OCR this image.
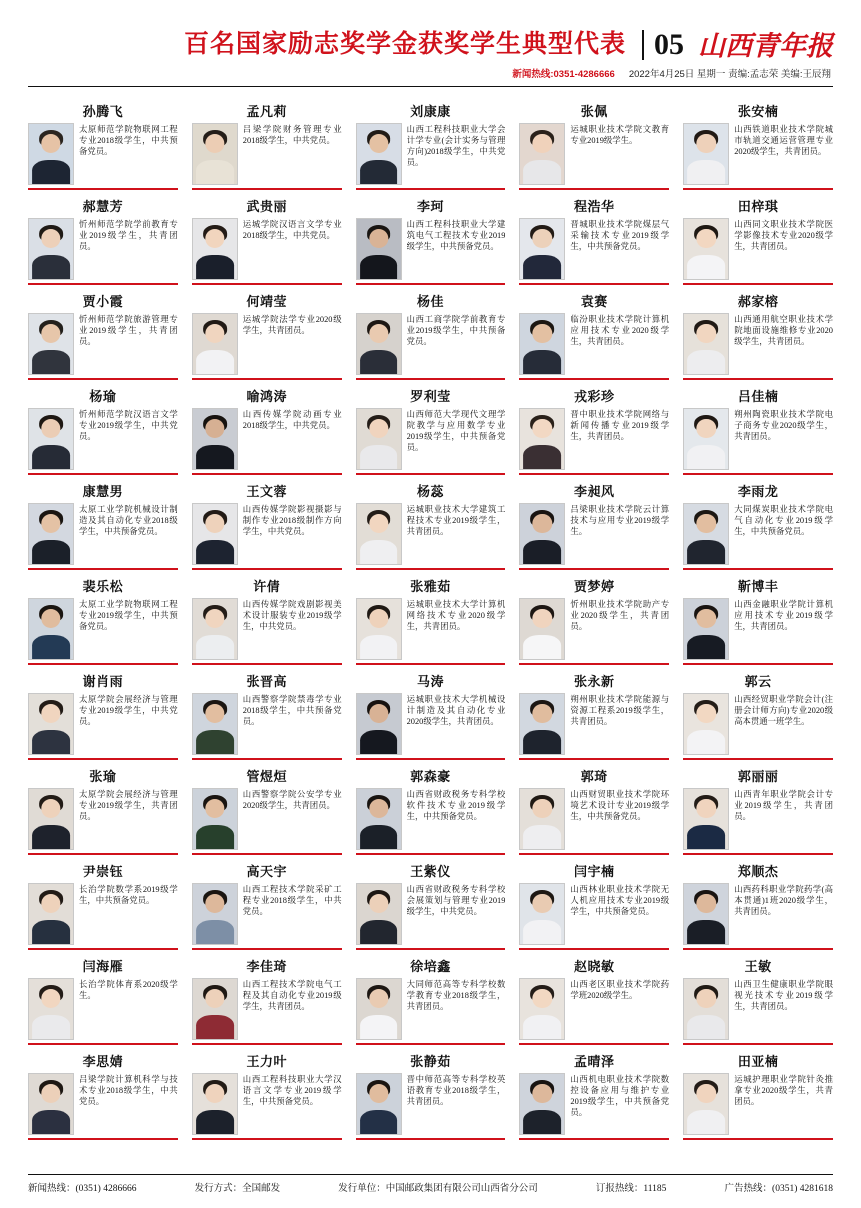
百名国家励志奖学金获奖学生典型代表 05 山西青年报
新闻热线:0351-4286666 2022年4月25日 星期一 责编:孟志荣 美编:王辰翔
孙腾飞
太原师范学院物联网工程专业2018级学生，中共预备党员。
孟凡莉
吕梁学院财务管理专业2018级学生，中共党员。
刘康康
山西工程科技职业大学会计学专业(会计实务与管理方向)2018级学生，中共党员。
张佩
运城职业技术学院文教育专业2019级学生。
张安楠
山西铁道职业技术学院城市轨道交通运营管理专业2020级学生，共青团员。
郝慧芳
忻州师范学院学前教育专业2019级学生，共青团员。
武贵丽
运城学院汉语言文学专业2018级学生，中共党员。
李珂
山西工程科技职业大学建筑电气工程技术专业2019级学生，中共预备党员。
程浩华
晋城职业技术学院煤层气采输技术专业2019级学生，中共预备党员。
田梓琪
山西同文职业技术学院医学影像技术专业2020级学生，共青团员。
贾小霞
忻州师范学院旅游管理专业2019级学生，共青团员。
何靖莹
运城学院法学专业2020级学生，共青团员。
杨佳
山西工商学院学前教育专业2019级学生，中共预备党员。
袁赛
临汾职业技术学院计算机应用技术专业2020级学生，共青团员。
郝家榕
山西通用航空职业技术学院地面设施维修专业2020级学生，共青团员。
杨瑜
忻州师范学院汉语言文学专业2019级学生，中共党员。
喻鸿涛
山西传媒学院动画专业2018级学生，中共党员。
罗利莹
山西师范大学现代文理学院教学与应用数学专业2019级学生，中共预备党员。
戎彩珍
晋中职业技术学院网络与新闻传播专业2019级学生，共青团员。
吕佳楠
朔州陶瓷职业技术学院电子商务专业2020级学生，共青团员。
康慧男
太原工业学院机械设计制造及其自动化专业2018级学生，中共预备党员。
王文蓉
山西传媒学院影视摄影与制作专业2018级制作方向学生，中共党员。
杨蕊
运城职业技术大学建筑工程技术专业2019级学生，共青团员。
李昶风
吕梁职业技术学院云计算技术与应用专业2019级学生。
李雨龙
大同煤炭职业技术学院电气自动化专业2019级学生，中共预备党员。
裴乐松
太原工业学院物联网工程专业2019级学生，中共预备党员。
许倩
山西传媒学院戏剧影视美术设计服装专业2019级学生，中共党员。
张雅茹
运城职业技术大学计算机网络技术专业2020级学生，共青团员。
贾梦婷
忻州职业技术学院助产专业2020级学生，共青团员。
靳博丰
山西金融职业学院计算机应用技术专业2019级学生，共青团员。
谢肖雨
太原学院会展经济与管理专业2019级学生，中共党员。
张晋高
山西警察学院禁毒学专业2018级学生，中共预备党员。
马涛
运城职业技术大学机械设计制造及其自动化专业2020级学生，共青团员。
张永新
朔州职业技术学院能源与资源工程系2019级学生，共青团员。
郭云
山西经贸职业学院会计(注册会计师方向)专业2020级高本贯通一班学生。
张瑜
太原学院会展经济与管理专业2019级学生，共青团员。
管煜烜
山西警察学院公安学专业2020级学生，共青团员。
郭森豪
山西省财政税务专科学校软件技术专业2019级学生，中共预备党员。
郭琦
山西财贸职业技术学院环境艺术设计专业2019级学生，中共预备党员。
郭丽丽
山西青年职业学院会计专业2019级学生，共青团员。
尹崇钰
长治学院数学系2019级学生，中共预备党员。
高天宇
山西工程技术学院采矿工程专业2018级学生，中共党员。
王紫仪
山西省财政税务专科学校会展策划与管理专业2019级学生，中共党员。
闫宇楠
山西林业职业技术学院无人机应用技术专业2019级学生，中共预备党员。
郑顺杰
山西药科职业学院药学(高本贯通)1班2020级学生，共青团员。
闫海雁
长治学院体育系2020级学生。
李佳琦
山西工程技术学院电气工程及其自动化专业2019级学生，共青团员。
徐培鑫
大同师范高等专科学校数学教育专业2018级学生，共青团员。
赵晓敏
山西老区职业技术学院药学班2020级学生。
王敏
山西卫生健康职业学院眼视光技术专业2019级学生，共青团员。
李思婧
吕梁学院计算机科学与技术专业2018级学生，中共党员。
王力叶
山西工程科技职业大学汉语言文学专业2019级学生，中共预备党员。
张静茹
晋中师范高等专科学校英语教育专业2018级学生，共青团员。
孟晴泽
山西机电职业技术学院数控设备应用与维护专业2019级学生，中共预备党员。
田亚楠
运城护理职业学院针灸推拿专业2020级学生，共青团员。
新闻热线：(0351) 4286666	发行方式：全国邮发	发行单位：中国邮政集团有限公司山西省分公司	订报热线：11185	广告热线：(0351) 4281618
